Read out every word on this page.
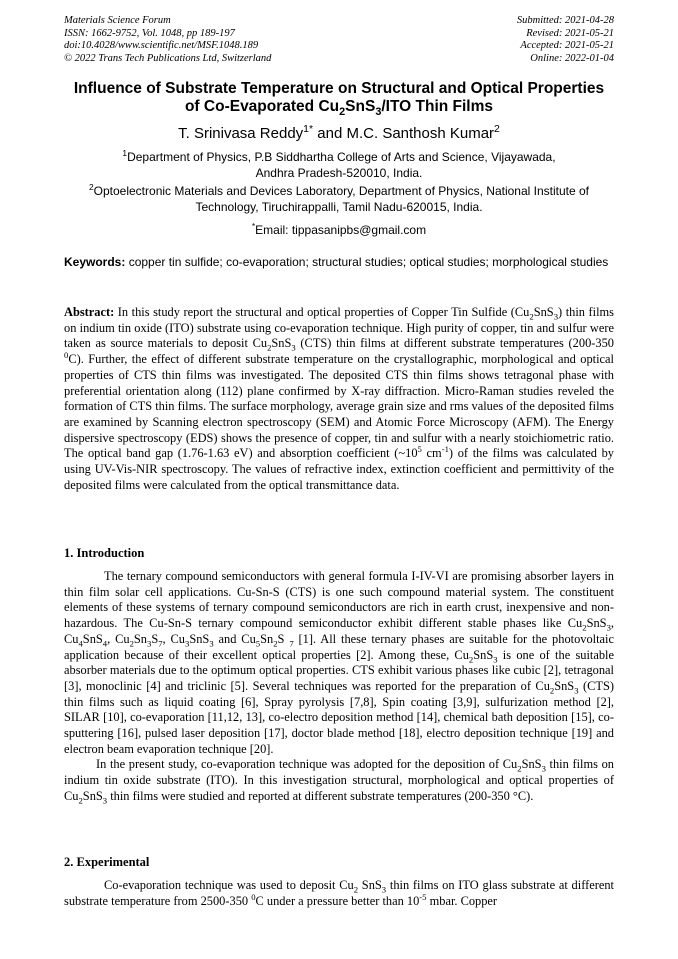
Materials Science Forum
ISSN: 1662-9752, Vol. 1048, pp 189-197
doi:10.4028/www.scientific.net/MSF.1048.189
© 2022 Trans Tech Publications Ltd, Switzerland
Submitted: 2021-04-28
Revised: 2021-05-21
Accepted: 2021-05-21
Online: 2022-01-04
Influence of Substrate Temperature on Structural and Optical Properties
of Co-Evaporated $Cu_2SnS_3$/ITO Thin Films
T. Srinivasa Reddy$^{1*}$ and M.C. Santhosh Kumar$^2$
$^1$Department of Physics, P.B Siddhartha College of Arts and Science, Vijayawada,
Andhra Pradesh-520010, India.
$^2$Optoelectronic Materials and Devices Laboratory, Department of Physics, National Institute of
Technology, Tiruchirappalli, Tamil Nadu-620015, India.
*Email: tippasanipbs@gmail.com
Keywords: copper tin sulfide; co-evaporation; structural studies; optical studies; morphological studies

Abstract: In this study report the structural and optical properties of Copper Tin Sulfide $(Cu_2SnS_3)$ thin films on indium tin oxide (ITO) substrate using co-evaporation technique. High purity of copper, tin and sulfur were taken as source materials to deposit $Cu_2SnS_3$ (CTS) thin films at different substrate temperatures (200-350 $^0$C). Further, the effect of different substrate temperature on the crystallographic, morphological and optical properties of CTS thin films was investigated. The deposited CTS thin films shows tetragonal phase with preferential orientation along (112) plane confirmed by X-ray diffraction. Micro-Raman studies reveled the formation of CTS thin films. The surface morphology, average grain size and rms values of the deposited films are examined by Scanning electron spectroscopy (SEM) and Atomic Force Microscopy (AFM). The Energy dispersive spectroscopy (EDS) shows the presence of copper, tin and sulfur with a nearly stoichiometric ratio. The optical band gap (1.76-1.63 eV) and absorption coefficient ($\sim 10^5$ $cm^{-1}$) of the films was calculated by using UV-Vis-NIR spectroscopy. The values of refractive index, extinction coefficient and permittivity of the deposited films were calculated from the optical transmittance data.

1. Introduction

The ternary compound semiconductors with general formula I-IV-VI are promising absorber layers in thin film solar cell applications. Cu-Sn-S (CTS) is one such compound material system. The constituent elements of these systems of ternary compound semiconductors are rich in earth crust, inexpensive and non-hazardous. The Cu-Sn-S ternary compound semiconductor exhibit different stable phases like $Cu_2SnS_3$, $Cu_4SnS_4$, $Cu_2Sn_3S_7$, $Cu_3SnS_3$ and $Cu_5Sn_2S$ $_7$ [1]. All these ternary phases are suitable for the photovoltaic application because of their excellent optical properties [2]. Among these, $Cu_2SnS_3$ is one of the suitable absorber materials due to the optimum optical properties. CTS exhibit various phases like cubic [2], tetragonal [3], monoclinic [4] and triclinic [5]. Several techniques was reported for the preparation of $Cu_2SnS_3$ (CTS) thin films such as liquid coating [6], Spray pyrolysis [7,8], Spin coating [3,9], sulfurization method [2], SILAR [10], co-evaporation [11,12, 13], co-electro deposition method [14], chemical bath deposition [15], co-sputtering [16], pulsed laser deposition [17], doctor blade method [18], electro deposition technique [19] and electron beam evaporation technique [20].

In the present study, co-evaporation technique was adopted for the deposition of $Cu_2SnS_3$ thin films on indium tin oxide substrate (ITO). In this investigation structural, morphological and optical properties of $Cu_2SnS_3$ thin films were studied and reported at different substrate temperatures (200-350 °C).

2. Experimental

Co-evaporation technique was used to deposit $Cu_2$ SnS$_3$ thin films on ITO glass substrate at different substrate temperature from 2500-350 $^0$C under a pressure better than $10^{-5}$ mbar. Copper
